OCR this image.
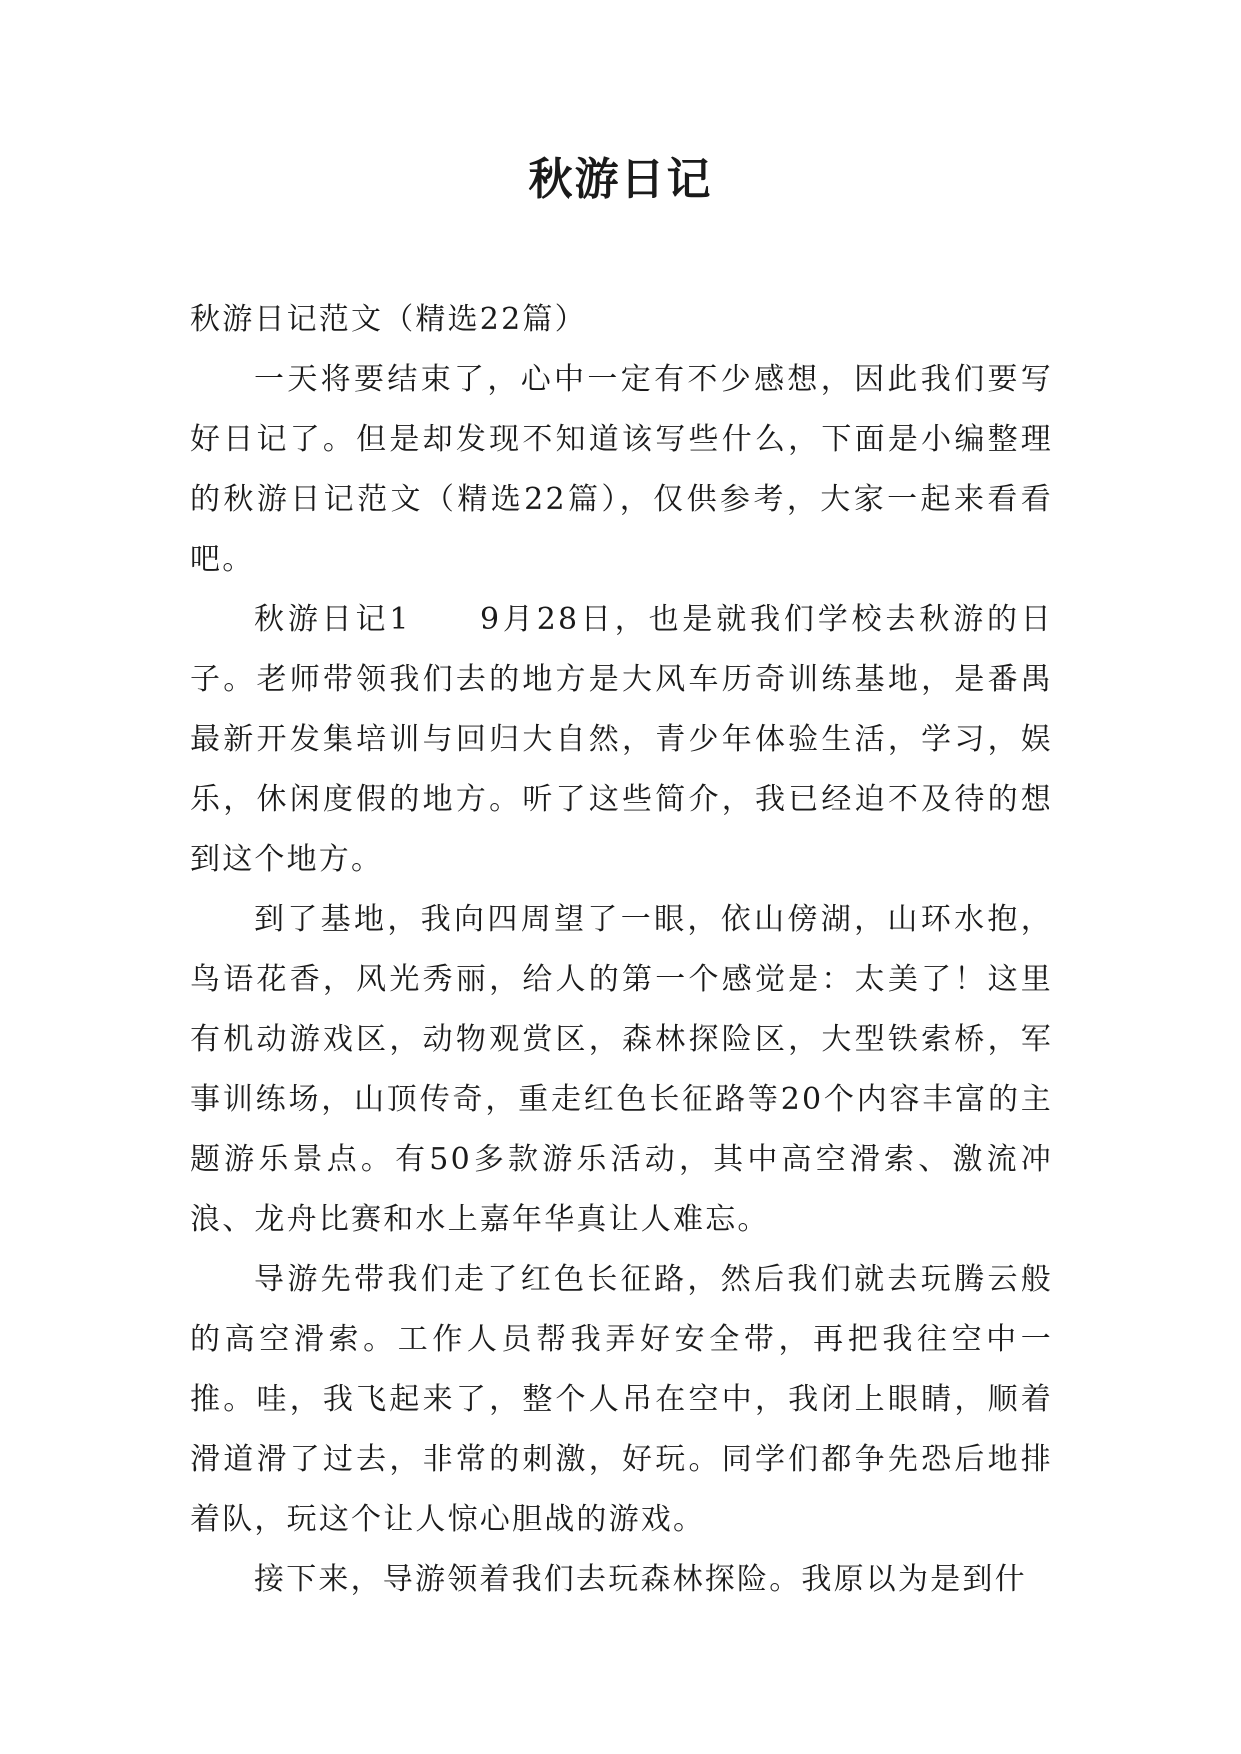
秋游日记

秋游日记范文（精选22篇）

一天将要结束了，心中一定有不少感想，因此我们要写好日记了。但是却发现不知道该写些什么，下面是小编整理的秋游日记范文（精选22篇），仅供参考，大家一起来看看吧。

秋游日记1　　9月28日，也是就我们学校去秋游的日子。老师带领我们去的地方是大风车历奇训练基地，是番禺最新开发集培训与回归大自然，青少年体验生活，学习，娱乐，休闲度假的地方。听了这些简介，我已经迫不及待的想到这个地方。

到了基地，我向四周望了一眼，依山傍湖，山环水抱，鸟语花香，风光秀丽，给人的第一个感觉是：太美了！这里有机动游戏区，动物观赏区，森林探险区，大型铁索桥，军事训练场，山顶传奇，重走红色长征路等20个内容丰富的主题游乐景点。有50多款游乐活动，其中高空滑索、激流冲浪、龙舟比赛和水上嘉年华真让人难忘。

导游先带我们走了红色长征路，然后我们就去玩腾云般的高空滑索。工作人员帮我弄好安全带，再把我往空中一推。哇，我飞起来了，整个人吊在空中，我闭上眼睛，顺着滑道滑了过去，非常的刺激，好玩。同学们都争先恐后地排着队，玩这个让人惊心胆战的游戏。

接下来，导游领着我们去玩森林探险。我原以为是到什
